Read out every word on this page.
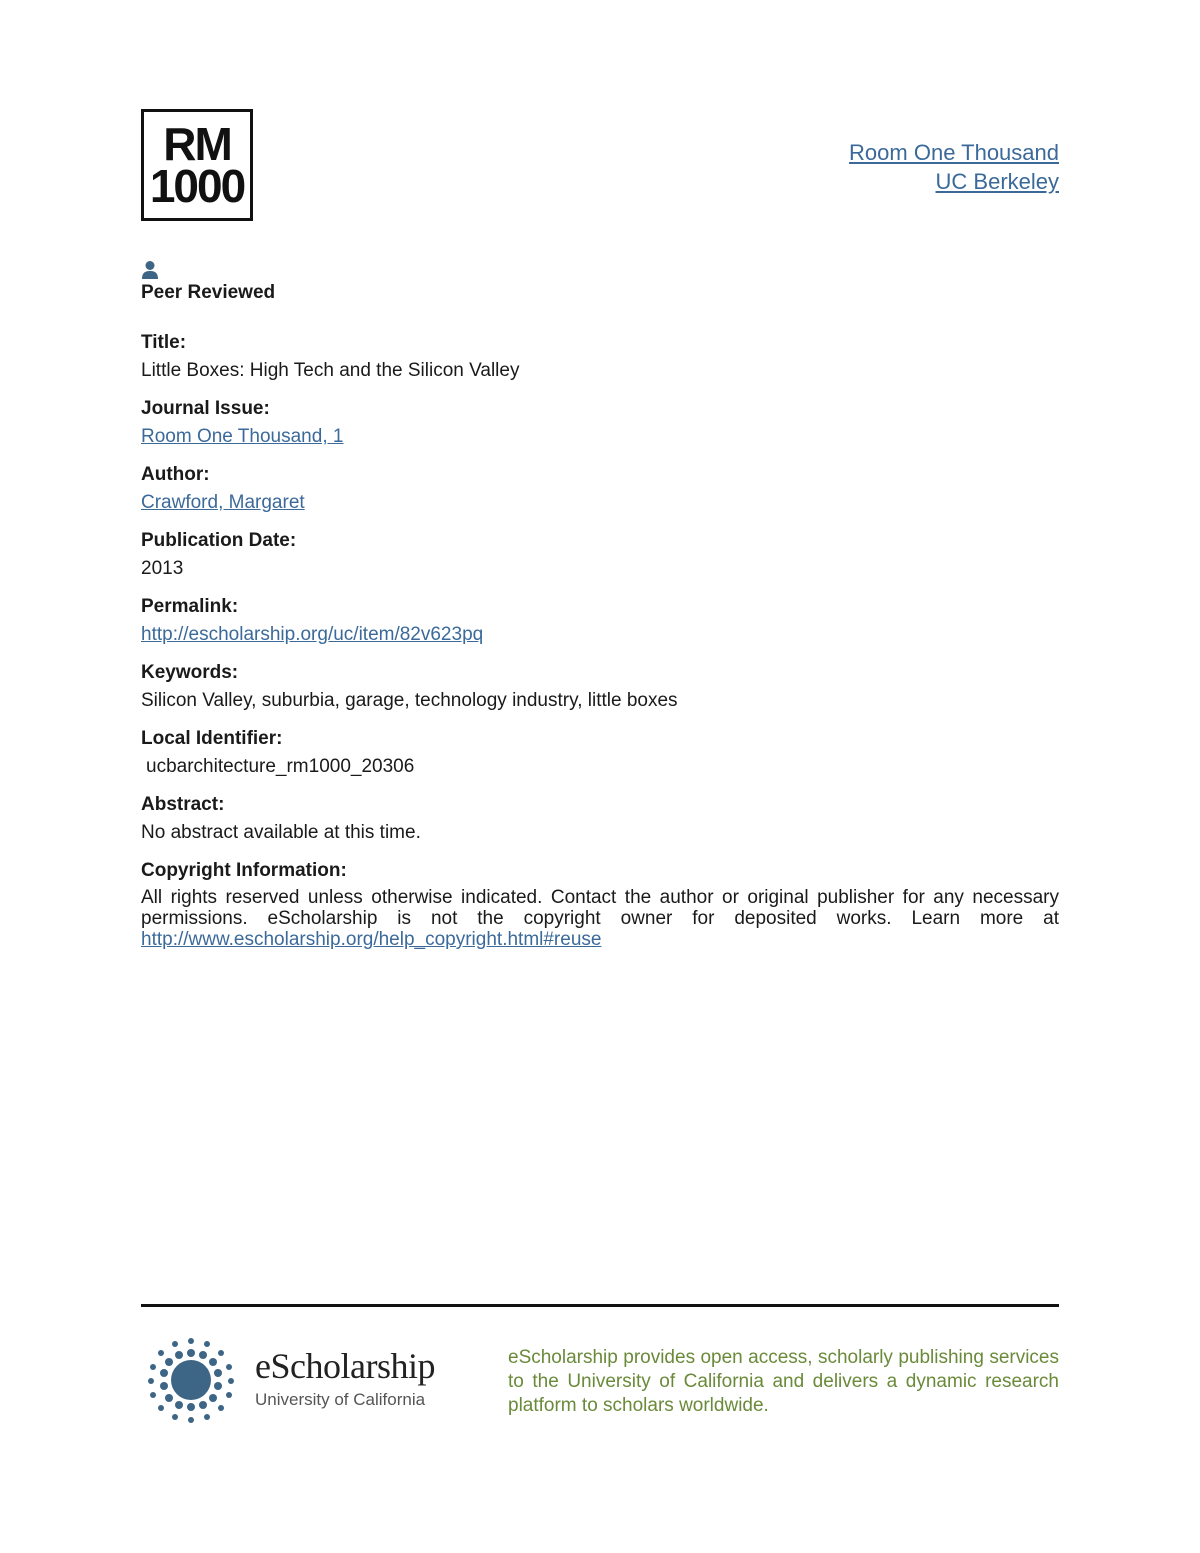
RM
1000
Room One Thousand
UC Berkeley
Peer Reviewed
Title:
Little Boxes: High Tech and the Silicon Valley
Journal Issue:
Room One Thousand, 1
Author:
Crawford, Margaret
Publication Date:
2013
Permalink:
http://escholarship.org/uc/item/82v623pq
Keywords:
Silicon Valley, suburbia, garage, technology industry, little boxes
Local Identifier:
ucbarchitecture_rm1000_20306
Abstract:
No abstract available at this time.
Copyright Information:
All rights reserved unless otherwise indicated. Contact the author or original publisher for any necessary permissions. eScholarship is not the copyright owner for deposited works. Learn more at http://www.escholarship.org/help_copyright.html#reuse
eScholarship
University of California
eScholarship provides open access, scholarly publishing services to the University of California and delivers a dynamic research platform to scholars worldwide.
